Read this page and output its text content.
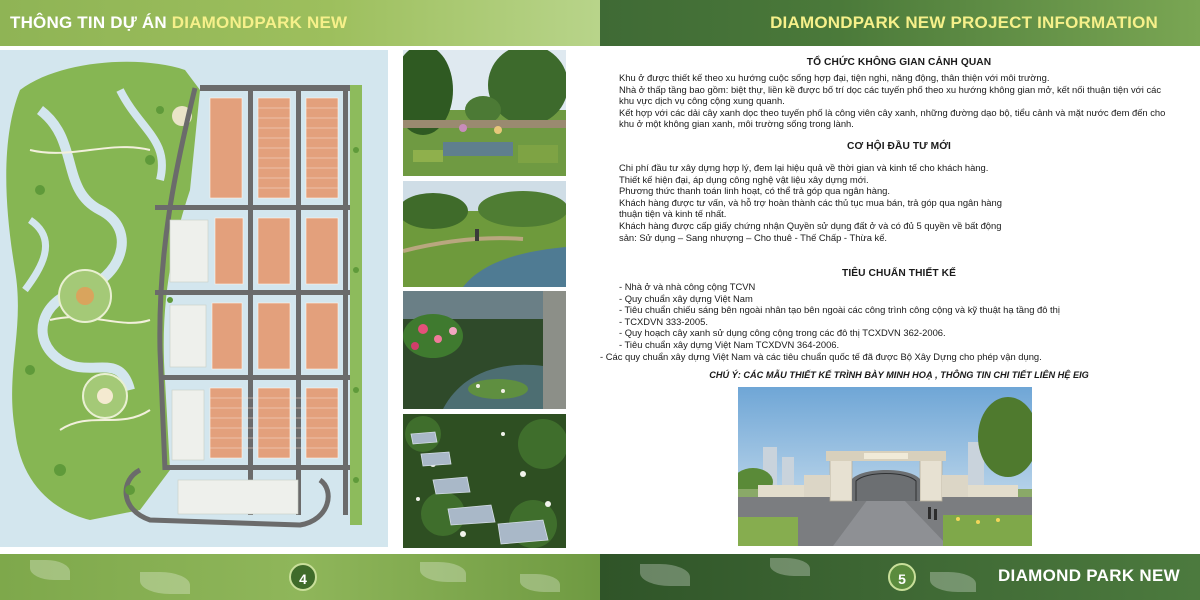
THÔNG TIN DỰ ÁN DIAMONDPARK NEW
4
DIAMONDPARK NEW PROJECT INFORMATION
TỔ CHỨC KHÔNG GIAN CẢNH QUAN

Khu ở được thiết kế theo xu hướng cuộc sống hợp đại, tiện nghi, năng động, thân thiện với môi trường.

Nhà ở thấp tầng bao gồm: biệt thự, liền kề được bố trí dọc các tuyến phố theo xu hướng không gian mở, kết nối thuận tiện với các khu vực dịch vụ công cộng xung quanh.

Kết hợp với các dải cây xanh dọc theo tuyến phố là công viên cây xanh, những đường dạo bộ, tiểu cảnh và mặt nước đem đến cho khu ở một không gian xanh, môi trường sống trong lành.

CƠ HỘI ĐẦU TƯ MỚI

Chi phí đầu tư xây dựng hợp lý, đem lại hiệu quả về thời gian và kinh tế cho khách hàng.

Thiết kế hiện đại, áp dụng công nghệ vật liệu xây dựng mới.

Phương thức thanh toán linh hoạt, có thể trả góp qua ngân hàng.

Khách hàng được tư vấn, và hỗ trợ hoàn thành các thủ tục mua bán, trả góp qua ngân hàng thuận tiện và kinh tế nhất.

Khách hàng được cấp giấy chứng nhận Quyền sử dụng đất ở và có đủ 5 quyền về bất động sản: Sử dụng – Sang nhượng – Cho thuê - Thế Chấp - Thừa kế.

TIÊU CHUẨN THIẾT KẾ
- Nhà ở và nhà công cộng TCVN
- Quy chuẩn xây dựng Việt Nam
- Tiêu chuẩn chiếu sáng bên ngoài nhân tạo bên ngoài các công trình công cộng và kỹ thuật hạ tầng đô thị
- TCXDVN 333-2005.
- Quy hoạch cây xanh sử dụng công cộng trong các đô thị TCXDVN 362-2006.
- Tiêu chuẩn xây dựng Việt Nam TCXDVN 364-2006.
- Các quy chuẩn xây dựng Việt Nam và các tiêu chuẩn quốc tế đã được Bộ Xây Dựng cho phép vận dụng.
CHÚ Ý: CÁC MẪU THIẾT KẾ TRÌNH BÀY MINH HOẠ , THÔNG TIN CHI TIẾT LIÊN HỆ EIG
5	DIAMOND PARK NEW
